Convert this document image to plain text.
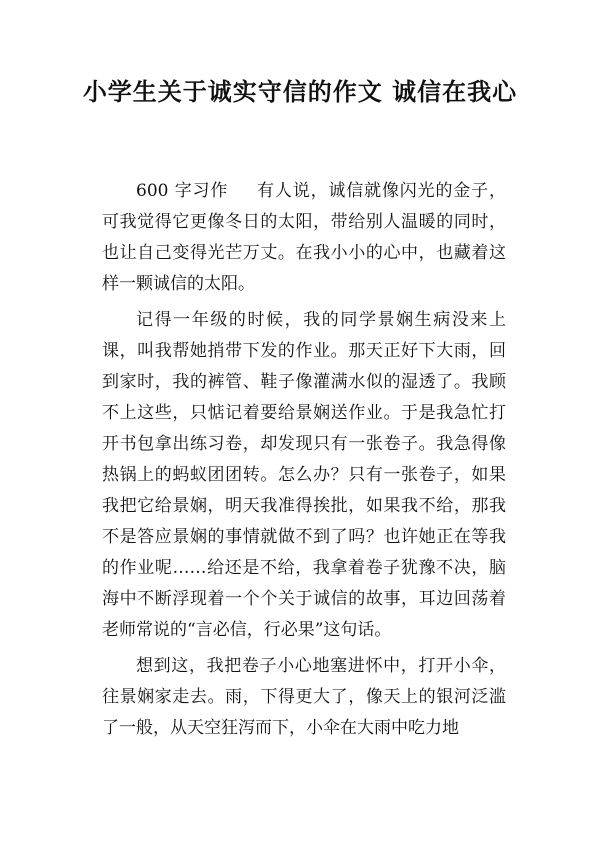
小学生关于诚实守信的作文 诚信在我心

600 字习作 有人说，诚信就像闪光的金子，可我觉得它更像冬日的太阳，带给别人温暖的同时，也让自己变得光芒万丈。在我小小的心中，也藏着这样一颗诚信的太阳。

记得一年级的时候，我的同学景娴生病没来上课，叫我帮她捎带下发的作业。那天正好下大雨，回到家时，我的裤管、鞋子像灌满水似的湿透了。我顾不上这些，只惦记着要给景娴送作业。于是我急忙打开书包拿出练习卷，却发现只有一张卷子。我急得像热锅上的蚂蚁团团转。怎么办？只有一张卷子，如果我把它给景娴，明天我准得挨批，如果我不给，那我不是答应景娴的事情就做不到了吗？也许她正在等我的作业呢……给还是不给，我拿着卷子犹豫不决，脑海中不断浮现着一个个关于诚信的故事，耳边回荡着老师常说的“言必信，行必果”这句话。

想到这，我把卷子小心地塞进怀中，打开小伞，往景娴家走去。雨，下得更大了，像天上的银河泛滥了一般，从天空狂泻而下，小伞在大雨中吃力地
